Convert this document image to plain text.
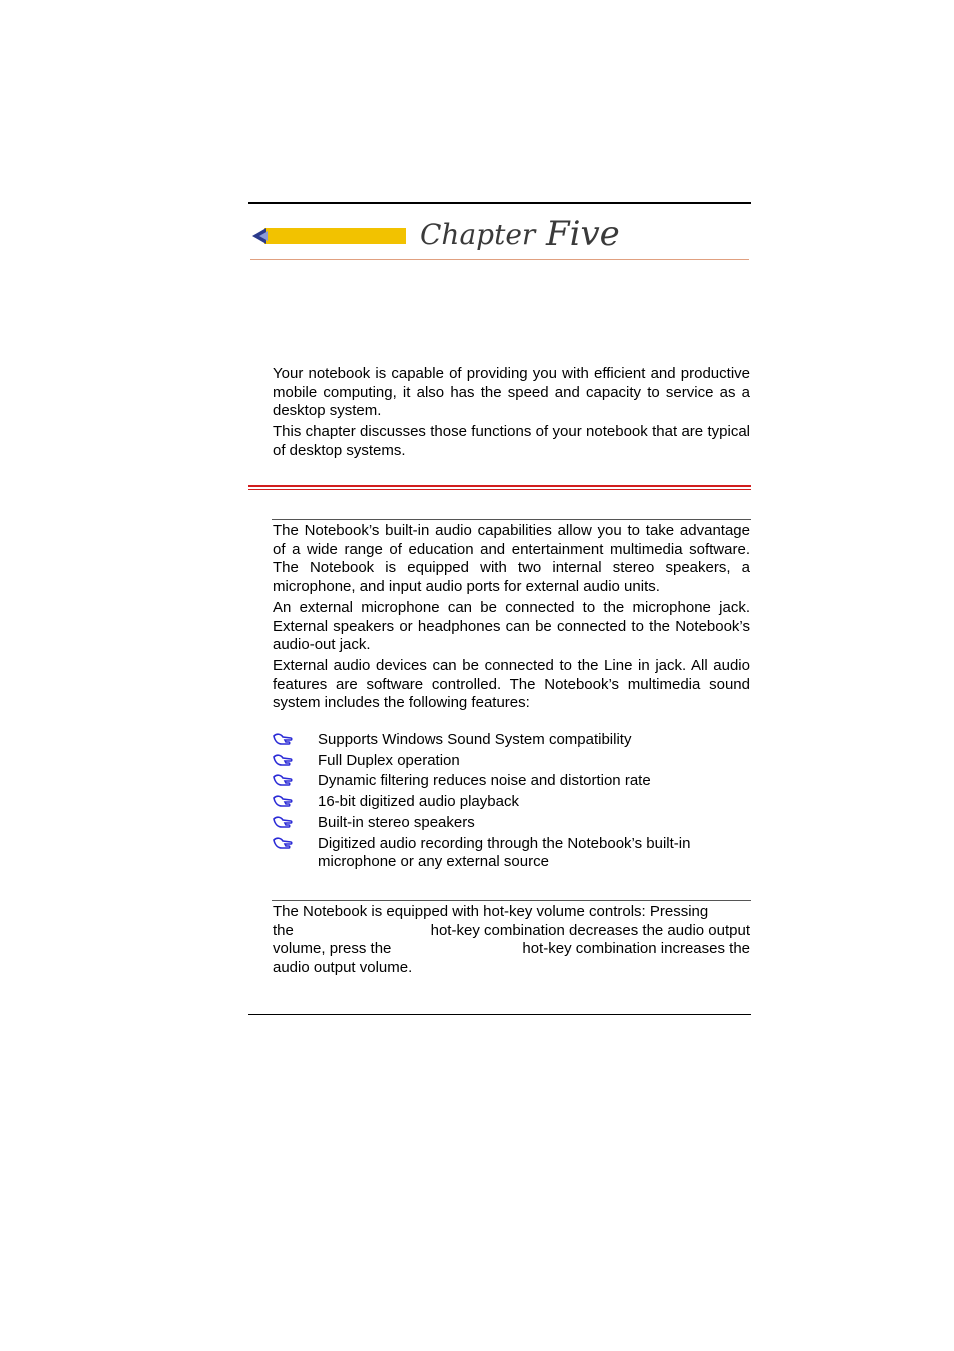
Chapter Five

Your notebook is capable of providing you with efficient and productive mobile computing, it also has the speed and capacity to service as a desktop system.

This chapter discusses those functions of your notebook that are typical of desktop systems.

The Notebook’s built-in audio capabilities allow you to take advantage of a wide range of education and entertainment multimedia software. The Notebook is equipped with two internal stereo speakers, a microphone, and input audio ports for external audio units.

An external microphone can be connected to the microphone jack. External speakers or headphones can be connected to the Notebook’s audio-out jack.

External audio devices can be connected to the Line in jack. All audio features are software controlled. The Notebook’s multimedia sound system includes the following features:

Supports Windows Sound System compatibility
Full Duplex operation
Dynamic filtering reduces noise and distortion rate
16-bit digitized audio playback
Built-in stereo speakers
Digitized audio recording through the Notebook’s built-in microphone or any external source
The Notebook is equipped with hot-key volume controls: Pressing
the	hot-key combination decreases the audio output
volume, press the	hot-key combination increases the
audio output volume.
